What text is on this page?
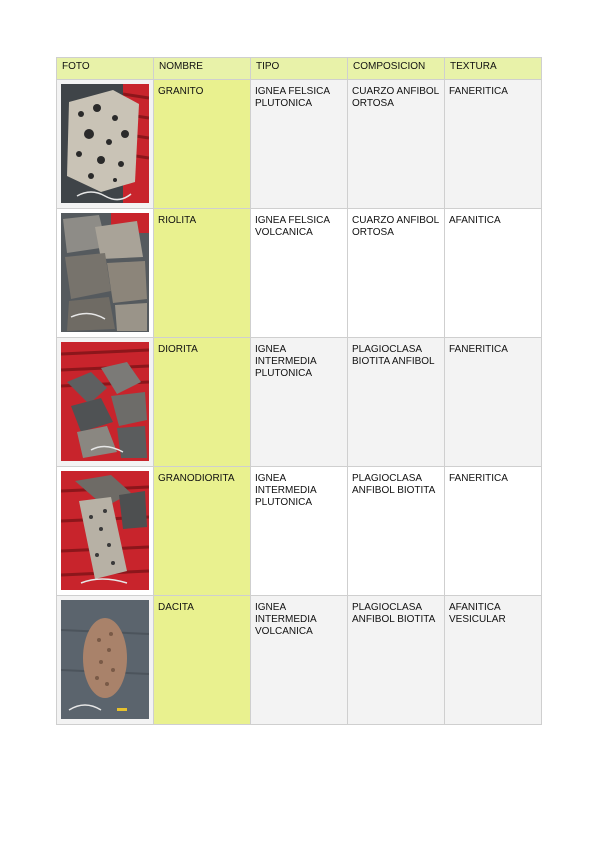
FOTO	NOMBRE	TIPO	COMPOSICION	TEXTURA

	GRANITO	IGNEA FELSICA PLUTONICA	CUARZO ANFIBOL ORTOSA	FANERITICA

	RIOLITA	IGNEA FELSICA VOLCANICA	CUARZO ANFIBOL ORTOSA	AFANITICA

	DIORITA	IGNEA INTERMEDIA PLUTONICA	PLAGIOCLASA BIOTITA ANFIBOL	FANERITICA

	GRANODIORITA	IGNEA INTERMEDIA PLUTONICA	PLAGIOCLASA ANFIBOL BIOTITA	FANERITICA

	DACITA	IGNEA INTERMEDIA VOLCANICA	PLAGIOCLASA ANFIBOL BIOTITA	AFANITICA VESICULAR
